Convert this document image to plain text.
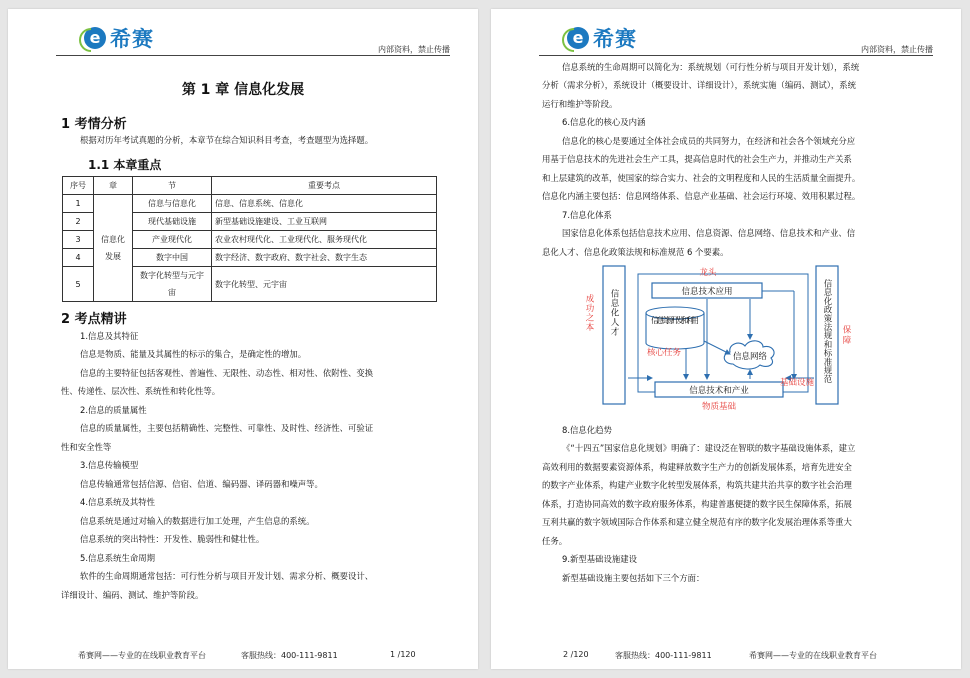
e 希赛	内部资料，禁止传播
第 1 章 信息化发展
1 考情分析
根据对历年考试真题的分析，本章节在综合知识科目考查，考查题型为选择题。
1.1 本章重点
序号	章	节	重要考点
1	信息化发展	信息与信息化	信息、信息系统、信息化
2		现代基础设施	新型基础设施建设、工业互联网
3		产业现代化	农业农村现代化、工业现代化、服务现代化
4		数字中国	数字经济、数字政府、数字社会、数字生态
5		数字化转型与元宇宙	数字化转型、元宇宙
2 考点精讲
1.信息及其特征
信息是物质、能量及其属性的标示的集合，是确定性的增加。
信息的主要特征包括客观性、普遍性、无限性、动态性、相对性、依附性、变换
性、传递性、层次性、系统性和转化性等。
2.信息的质量属性
信息的质量属性，主要包括精确性、完整性、可靠性、及时性、经济性、可验证
性和安全性等
3.信息传输模型
信息传输通常包括信源、信宿、信道、编码器、译码器和噪声等。
4.信息系统及其特性
信息系统是通过对输入的数据进行加工处理，产生信息的系统。
信息系统的突出特性：开发性、脆弱性和健壮性。
5.信息系统生命周期
软件的生命周期通常包括：可行性分析与项目开发计划、需求分析、概要设计、
详细设计、编码、测试、维护等阶段。
希赛网——专业的在线职业教育平台	客服热线：400-111-9811	1 /120
e 希赛	内部资料，禁止传播
信息系统的生命周期可以简化为：系统规划（可行性分析与项目开发计划），系统
分析（需求分析），系统设计（概要设计、详细设计），系统实施（编码、测试），系统
运行和维护等阶段。
6.信息化的核心及内涵
信息化的核心是要通过全体社会成员的共同努力，在经济和社会各个领域充分应
用基于信息技术的先进社会生产工具，提高信息时代的社会生产力，并推动生产关系
和上层建筑的改革，使国家的综合实力、社会的文明程度和人民的生活质量全面提升。
信息化内涵主要包括：信息网络体系、信息产业基础、社会运行环境、效用积累过程。
7.信息化体系
国家信息化体系包括信息技术应用、信息资源、信息网络、信息技术和产业、信
息化人才、信息化政策法规和标准规范 6 个要素。
信息化人才
成功之本	信息化政策法规和标准规范 保障
龙头
信息技术应用
信息资源开发和利用
核心任务	信息网络
基础设施
信息技术和产业
物质基础
8.信息化趋势
《“十四五”国家信息化规划》明确了：建设泛在智联的数字基础设施体系，建立
高效利用的数据要素资源体系，构建释放数字生产力的创新发展体系，培育先进安全
的数字产业体系，构建产业数字化转型发展体系，构筑共建共治共享的数字社会治理
体系，打造协同高效的数字政府服务体系，构建普惠便捷的数字民生保障体系，拓展
互利共赢的数字领域国际合作体系和建立健全规范有序的数字化发展治理体系等重大
任务。
9.新型基础设施建设
新型基础设施主要包括如下三个方面：
2 /120	客服热线：400-111-9811	希赛网——专业的在线职业教育平台
